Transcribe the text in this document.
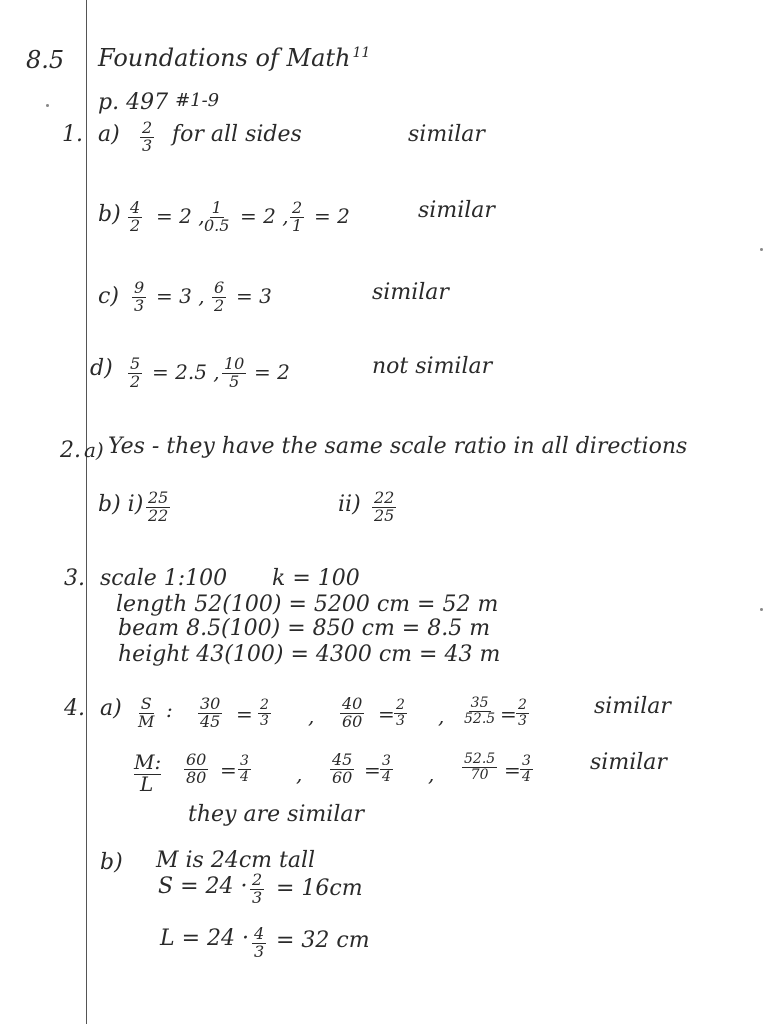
8.5 Foundations of Math $^{11}$
p. 497 $^{\#1-9}$
1. $a) \frac{2}{3}$ for all sides	similar
$b) \frac{4}{2} = 2$ ,
$\frac{1}{0.5} = 2$ , $\frac{2}{1} = 2$	similar
$c) \frac{9}{3} = 3$ , $\frac{6}{2} = 3$	similar
$d) \frac{5}{2} = 2.5$ , $\frac{10}{5} = 2$	not similar
2. a) Yes - they have the same scale ratio in all directions
b) $i) \frac{25}{22}$	$ii) \frac{22}{25}$
3. scale 1:100 k = 100
length 52(100) = 5200 cm = 52 m
beam 8.5(100) = 850 cm = 8.5 m
height 43(100) = 4300 cm = 43 m
4. $a) \frac{S}{M}$ : $\frac{30}{45} = \frac{2}{3}$ , $\frac{40}{60} = \frac{2}{3}$ , $\frac{35}{52.5} = \frac{2}{3}$	similar
M:
L $\frac{60}{80} = \frac{3}{4}$ , $\frac{45}{60} = \frac{3}{4}$ , $\frac{52.5}{70} = \frac{3}{4}$	similar
they are similar
b) M is 24cm tall
$S = 24 \cdot \frac{2}{3} = 16cm$
$L = 24 \cdot \frac{4}{3} = 32$ cm
